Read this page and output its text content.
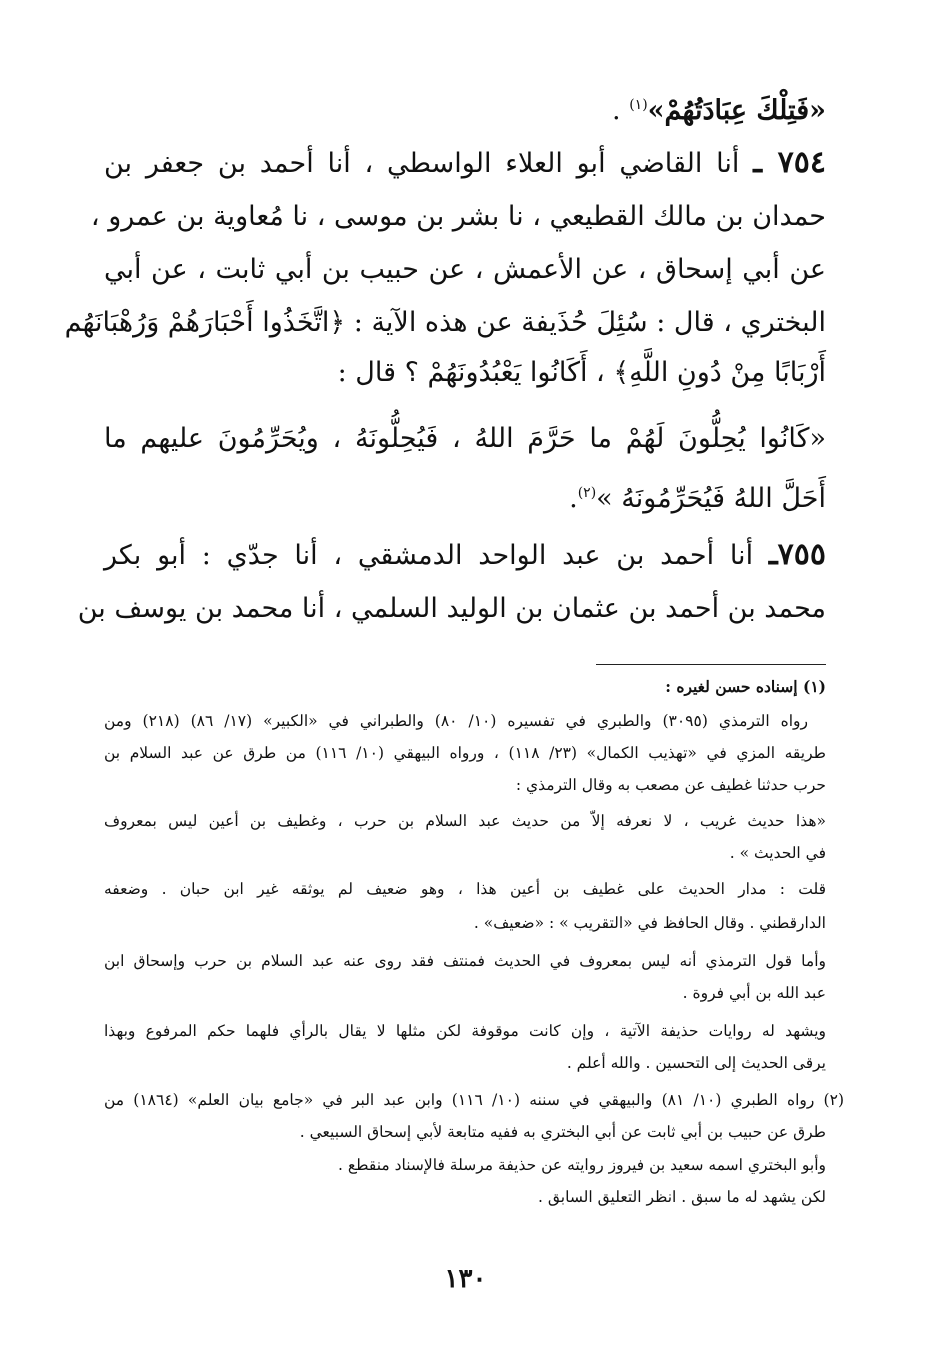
«فَتِلْكَ عِبَادَتُهُمْ»$^{(١)}$ .
٧٥٤ ـ أنا القاضي أبو العلاء الواسطي ، أنا أحمد بن جعفر بن
حمدان بن مالك القطيعي ، نا بشر بن موسى ، نا مُعاوية بن عمرو ،
عن أبي إسحاق ، عن الأعمش ، عن حبيب بن أبي ثابت ، عن أبي
البختري ، قال : سُئِلَ حُذَيفة عن هذه الآية : ﴿اتَّخَذُوا أَحْبَارَهُمْ وَرُهْبَانَهُم
أَرْبَابًا مِنْ دُونِ اللَّهِ﴾ ، أَكَانُوا يَعْبُدُونَهُمْ ؟ قال :
«كَانُوا يُحِلُّونَ لَهُمْ ما حَرَّمَ اللهُ ، فَيُحِلُّونَهُ ، ويُحَرِّمُونَ عليهم ما
أَحَلَّ اللهُ فَيُحَرِّمُونَهُ »$^{(٢)}$.
٧٥٥ـ أنا أحمد بن عبد الواحد الدمشقي ، أنا جدّي : أبو بكر
محمد بن أحمد بن عثمان بن الوليد السلمي ، أنا محمد بن يوسف بن
(١) إسناده حسن لغيره :
رواه الترمذي (٣٠٩٥) والطبري في تفسيره (١٠/ ٨٠) والطبراني في «الكبير» (١٧/ ٨٦) (٢١٨) ومن
طريقه المزي في «تهذيب الكمال» (٢٣/ ١١٨) ، ورواه البيهقي (١٠/ ١١٦) من طرق عن عبد السلام بن
حرب حدثنا غطيف عن مصعب به وقال الترمذي :
«هذا حديث غريب ، لا نعرفه إلاّ من حديث عبد السلام بن حرب ، وغطيف بن أعين ليس بمعروف
في الحديث » .
قلت : مدار الحديث على غطيف بن أعين هذا ، وهو ضعيف لم يوثقه غير ابن حبان . وضعفه
الدارقطني . وقال الحافظ في «التقريب » : «ضعيف» .
وأما قول الترمذي أنه ليس بمعروف في الحديث فمنتف فقد روى عنه عبد السلام بن حرب وإسحاق ابن
عبد الله بن أبي فروة .
ويشهد له روايات حذيفة الآتية ، وإن كانت موقوفة لكن مثلها لا يقال بالرأي فلهما حكم المرفوع وبهذا
يرقى الحديث إلى التحسين . والله أعلم .
(٢) رواه الطبري (١٠/ ٨١) والبيهقي في سننه (١٠/ ١١٦) وابن عبد البر في «جامع بيان العلم» (١٨٦٤) من
طرق عن حبيب بن أبي ثابت عن أبي البختري به ففيه متابعة لأبي إسحاق السبيعي .
وأبو البختري اسمه سعيد بن فيروز روايته عن حذيفة مرسلة فالإسناد منقطع .
لكن يشهد له ما سبق . انظر التعليق السابق .
١٣٠
